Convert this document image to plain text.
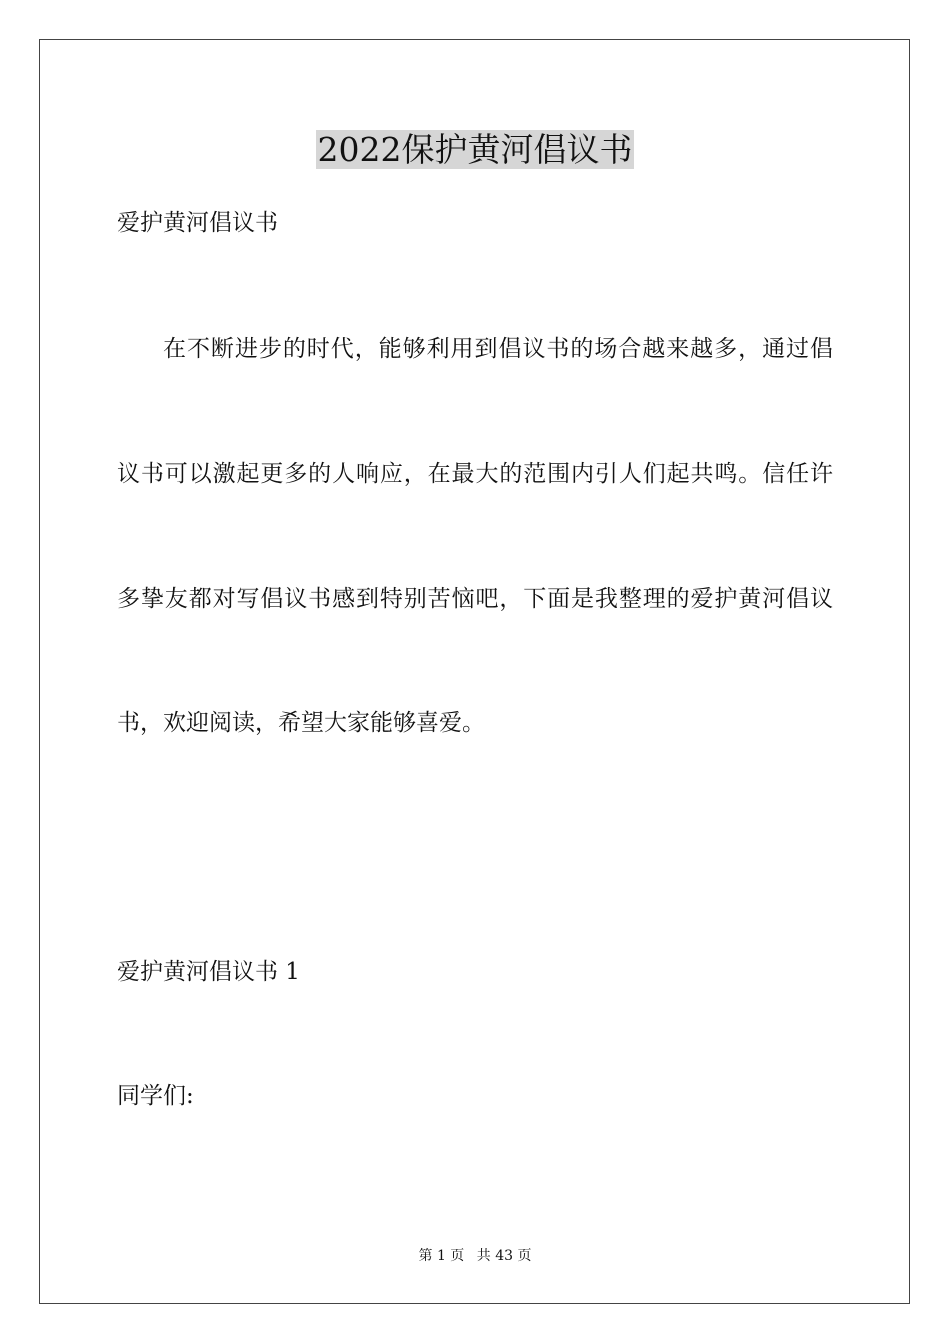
2022保护黄河倡议书

爱护黄河倡议书

在不断进步的时代，能够利用到倡议书的场合越来越多，通过倡

议书可以激起更多的人响应，在最大的范围内引人们起共鸣。信任许

多挚友都对写倡议书感到特别苦恼吧，下面是我整理的爱护黄河倡议

书，欢迎阅读，希望大家能够喜爱。

爱护黄河倡议书 1

同学们:

第 1 页 共 43 页
